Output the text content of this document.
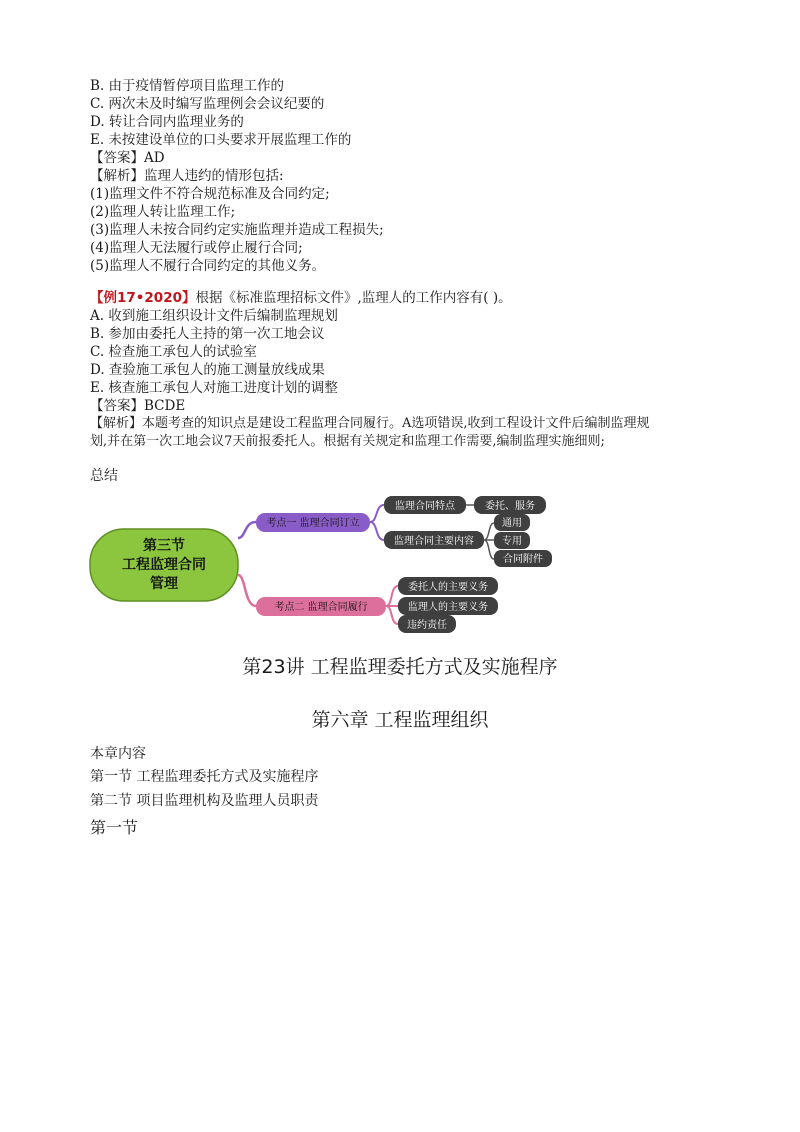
B. 由于疫情暂停项目监理工作的
C. 两次未及时编写监理例会会议纪要的
D. 转让合同内监理业务的
E. 未按建设单位的口头要求开展监理工作的
【答案】AD
【解析】监理人违约的情形包括:
(1)监理文件不符合规范标准及合同约定;
(2)监理人转让监理工作;
(3)监理人未按合同约定实施监理并造成工程损失;
(4)监理人无法履行或停止履行合同;
(5)监理人不履行合同约定的其他义务。
【例17•2020】根据《标准监理招标文件》,监理人的工作内容有( )。
A. 收到施工组织设计文件后编制监理规划
B. 参加由委托人主持的第一次工地会议
C. 检查施工承包人的试验室
D. 查验施工承包人的施工测量放线成果
E. 核查施工承包人对施工进度计划的调整
【答案】BCDE
【解析】本题考查的知识点是建设工程监理合同履行。A选项错误,收到工程设计文件后编制监理规
划,并在第一次工地会议7天前报委托人。根据有关规定和监理工作需要,编制监理实施细则;
总结
第三节
工程监理合同
管理
考点一 监理合同订立
监理合同特点	委托、服务
监理合同主要内容
通用
专用
合同附件
考点二 监理合同履行
委托人的主要义务
监理人的主要义务
违约责任
第23讲 工程监理委托方式及实施程序
第六章 工程监理组织
本章内容
第一节 工程监理委托方式及实施程序
第二节 项目监理机构及监理人员职责
第一节
